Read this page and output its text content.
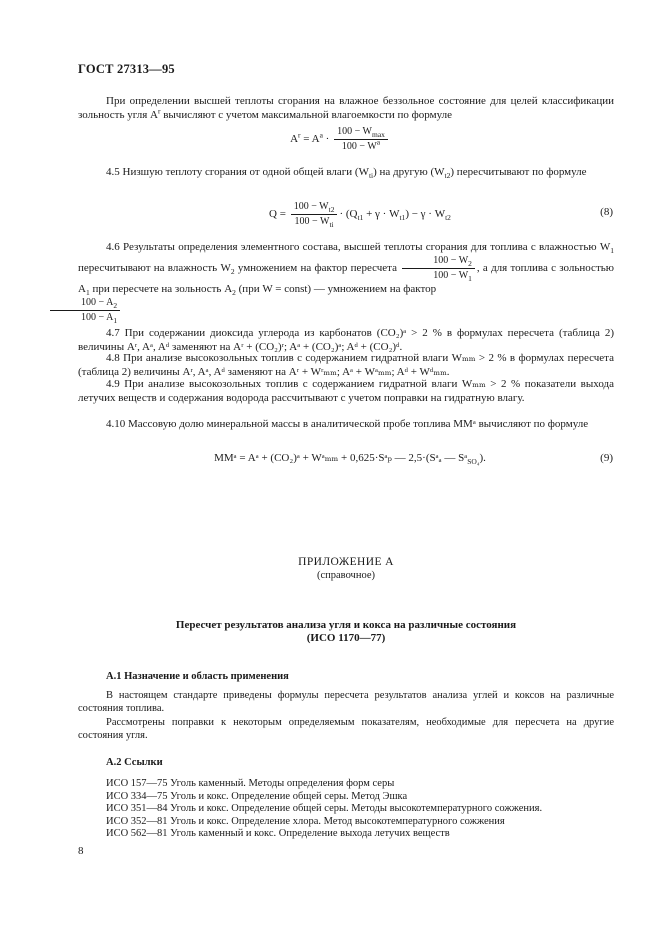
ГОСТ 27313—95
При определении высшей теплоты сгорания на влажное беззольное состояние для целей классификации зольность угля $A^r$ вычисляют с учетом максимальной влагоемкости по формуле
$A^r = A^a \cdot \frac{100 - W_{max}}{100 - W^a}$
4.5 Низшую теплоту сгорания от одной общей влаги $(W_{ti})$ на другую $(W_{t2})$ пересчитывают по формуле
$Q = \frac{100 - W_{t2}}{100 - W_{ti}} \cdot (Q_{t1} + \gamma \cdot W_{t1}) - \gamma \cdot W_{t2}$	(8)
4.6 Результаты определения элементного состава, высшей теплоты сгорания для топлива с влажностью $W_1$ пересчитывают на влажность $W_2$ умножением на фактор пересчета $\frac{100 - W_2}{100 - W_1}$ , а для топлива с зольностью $A_1$ при пересчете на зольность $A_2$ (при W = const) — умножением на фактор

$\frac{100 - A_2}{100 - A_1}$
4.7 При содержании диоксида углерода из карбонатов (CO₂)ᵃ > 2 % в формулах пересчета (таблица 2) величины Aʳ, Aᵃ, Aᵈ заменяют на Aʳ + (CO₂)ʳ; Aᵃ + (CO₂)ᵃ; Aᵈ + (CO₂)ᵈ.
4.8 При анализе высокозольных топлив с содержанием гидратной влаги Wₘₘ > 2 % в формулах пересчета (таблица 2) величины Aʳ, Aᵃ, Aᵈ заменяют на Aʳ + Wʳₘₘ; Aᵃ + Wᵃₘₘ; Aᵈ + Wᵈₘₘ.
4.9 При анализе высокозольных топлив с содержанием гидратной влаги Wₘₘ > 2 % показатели выхода летучих веществ и содержания водорода рассчитывают с учетом поправки на гидратную влагу.
4.10 Массовую долю минеральной массы в аналитической пробе топлива MMᵃ вычисляют по формуле
MMᵃ = Aᵃ + (CO₂)ᵃ + Wᵃₘₘ + 0,625·Sᵃₚ — 2,5·(Sᵃₐ — Sᵃ$_{SO_4}$).	(9)
ПРИЛОЖЕНИЕ А
(справочное)
Пересчет результатов анализа угля и кокса на различные состояния
(ИСО 1170—77)
А.1 Назначение и область применения
В настоящем стандарте приведены формулы пересчета результатов анализа углей и коксов на различные состояния топлива.
Рассмотрены поправки к некоторым определяемым показателям, необходимые для пересчета на другие состояния угля.
А.2 Ссылки
ИСО 157—75 Уголь каменный. Методы определения форм серы
ИСО 334—75 Уголь и кокс. Определение общей серы. Метод Эшка
ИСО 351—84 Уголь и кокс. Определение общей серы. Методы высокотемпературного сожжения.
ИСО 352—81 Уголь и кокс. Определение хлора. Метод высокотемпературного сожжения
ИСО 562—81 Уголь каменный и кокс. Определение выхода летучих веществ
8
